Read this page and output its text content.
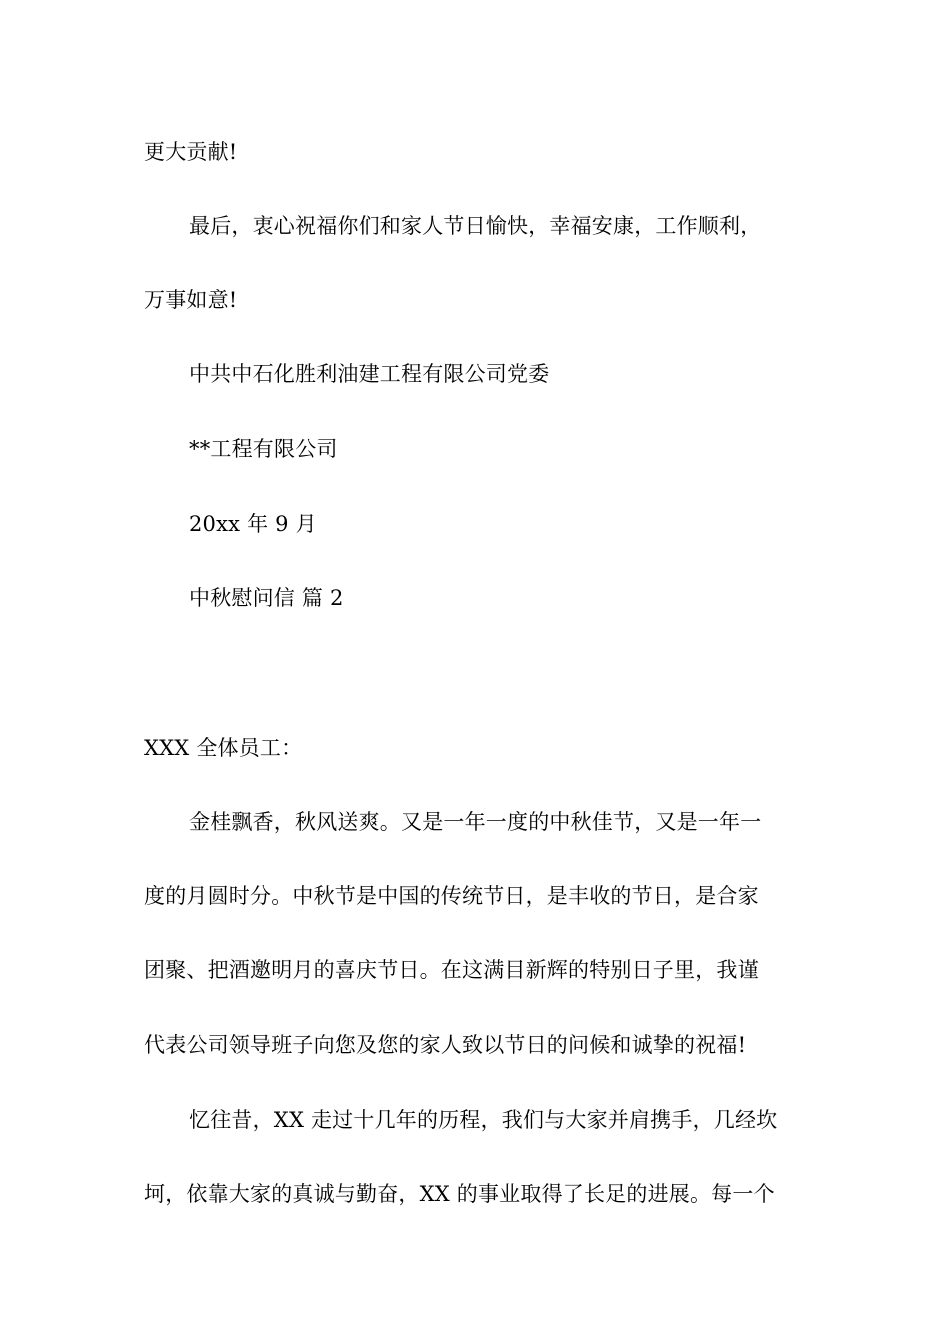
更大贡献!
最后，衷心祝福你们和家人节日愉快，幸福安康，工作顺利，
万事如意!
中共中石化胜利油建工程有限公司党委
**工程有限公司
20xx 年 9 月
中秋慰问信 篇 2
XXX 全体员工：
金桂飘香，秋风送爽。又是一年一度的中秋佳节，又是一年一
度的月圆时分。中秋节是中国的传统节日，是丰收的节日，是合家
团聚、把酒邀明月的喜庆节日。在这满目新辉的特别日子里，我谨
代表公司领导班子向您及您的家人致以节日的问候和诚挚的祝福!
忆往昔，XX 走过十几年的历程，我们与大家并肩携手，几经坎
坷，依靠大家的真诚与勤奋，XX 的事业取得了长足的进展。每一个
